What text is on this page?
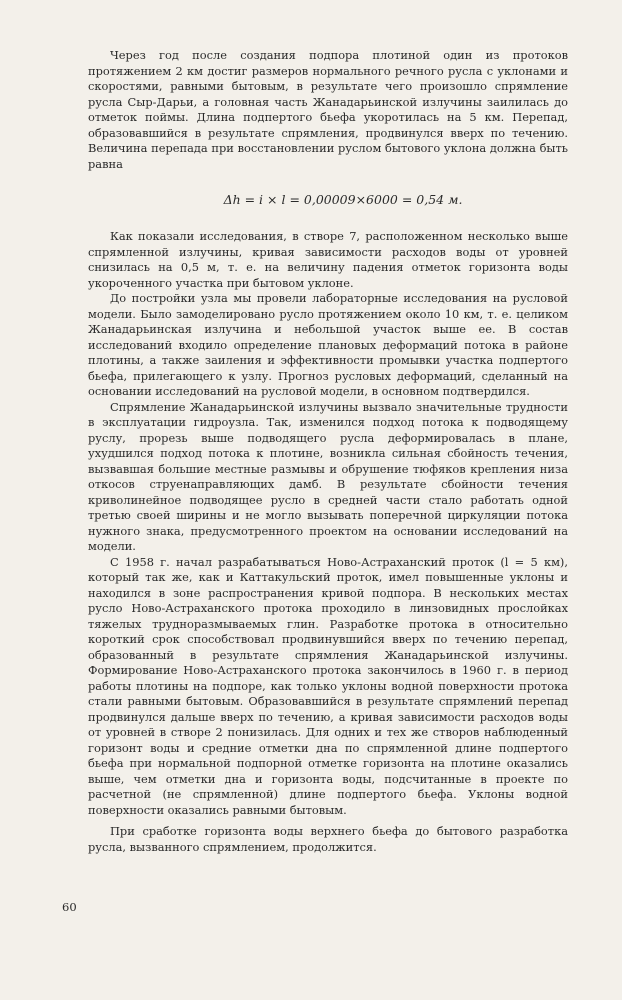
Через год после создания подпора плотиной один из протоков протяжением 2 км достиг размеров нормального речного русла с уклонами и скоростями, равными бытовым, в результате чего произошло спрямление русла Сыр-Дарьи, а головная часть Жанадарьинской излучины заилилась до отметок поймы. Длина подпертого бьефа укоротилась на 5 км. Перепад, образовавшийся в результате спрямления, продвинулся вверх по течению. Величина перепада при восстановлении руслом бытового уклона должна быть равна

Δh = i × l = 0,00009×6000 = 0,54 м.

Как показали исследования, в створе 7, расположенном несколько выше спрямленной излучины, кривая зависимости расходов воды от уровней снизилась на 0,5 м, т. е. на величину падения отметок горизонта воды укороченного участка при бытовом уклоне.

До постройки узла мы провели лабораторные исследования на русловой модели. Было замоделировано русло протяжением около 10 км, т. е. целиком Жанадарьинская излучина и небольшой участок выше ее. В состав исследований входило определение плановых деформаций потока в районе плотины, а также заиления и эффективности промывки участка подпертого бьефа, прилегающего к узлу. Прогноз русловых деформаций, сделанный на основании исследований на русловой модели, в основном подтвердился.

Спрямление Жанадарьинской излучины вызвало значительные трудности в эксплуатации гидроузла. Так, изменился подход потока к подводящему руслу, прорезь выше подводящего русла деформировалась в плане, ухудшился подход потока к плотине, возникла сильная сбойность течения, вызвавшая большие местные размывы и обрушение тюфяков крепления низа откосов струенаправляющих дамб. В результате сбойности течения криволинейное подводящее русло в средней части стало работать одной третью своей ширины и не могло вызывать поперечной циркуляции потока нужного знака, предусмотренного проектом на основании исследований на модели.

С 1958 г. начал разрабатываться Ново-Астраханский проток (l = 5 км), который так же, как и Каттакульский проток, имел повышенные уклоны и находился в зоне распространения кривой подпора. В нескольких местах русло Ново-Астраханского протока проходило в линзовидных прослойках тяжелых трудноразмываемых глин. Разработке протока в относительно короткий срок способствовал продвинувшийся вверх по течению перепад, образованный в результате спрямления Жанадарьинской излучины. Формирование Ново-Астраханского протока закончилось в 1960 г. в период работы плотины на подпоре, как только уклоны водной поверхности протока стали равными бытовым. Образовавшийся в результате спрямлений перепад продвинулся дальше вверх по течению, а кривая зависимости расходов воды от уровней в створе 2 понизилась. Для одних и тех же створов наблюденный горизонт воды и средние отметки дна по спрямленной длине подпертого бьефа при нормальной подпорной отметке горизонта на плотине оказались выше, чем отметки дна и горизонта воды, подсчитанные в проекте по расчетной (не спрямленной) длине подпертого бьефа. Уклоны водной поверхности оказались равными бытовым.

При сработке горизонта воды верхнего бьефа до бытового разработка русла, вызванного спрямлением, продолжится.

60
